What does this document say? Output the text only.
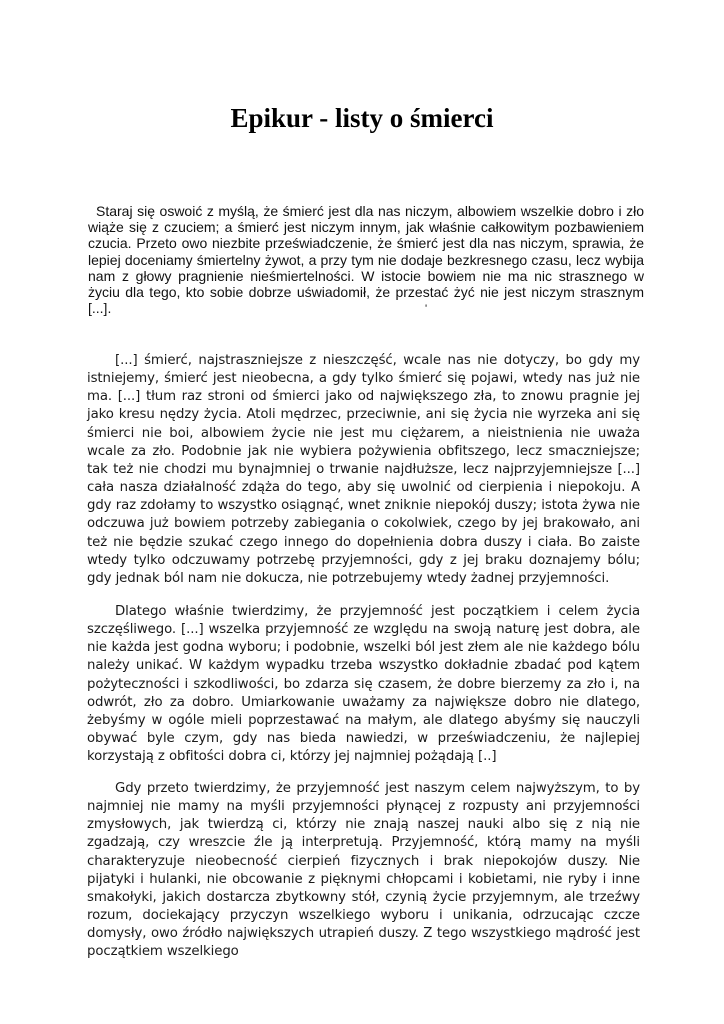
Epikur - listy o śmierci

Staraj się oswoić z myślą, że śmierć jest dla nas niczym, albowiem wszelkie dobro i zło wiąże się z czuciem; a śmierć jest niczym innym, jak właśnie całkowitym pozbawieniem czucia. Przeto owo niezbite przeświadczenie, że śmierć jest dla nas niczym, sprawia, że lepiej doceniamy śmiertelny żywot, a przy tym nie dodaje bezkresnego czasu, lecz wybija nam z głowy pragnienie nieśmiertelności. W istocie bowiem nie ma nic strasznego w życiu dla tego, kto sobie dobrze uświadomił, że przestać żyć nie jest niczym strasznym [...].	'

[...] śmierć, najstraszniejsze z nieszczęść, wcale nas nie dotyczy, bo gdy my istniejemy, śmierć jest nieobecna, a gdy tylko śmierć się pojawi, wtedy nas już nie ma. [...] tłum raz stroni od śmierci jako od największego zła, to znowu pragnie jej jako kresu nędzy życia. Atoli mędrzec, przeciwnie, ani się życia nie wyrzeka ani się śmierci nie boi, albowiem życie nie jest mu ciężarem, a nieistnienia nie uważa wcale za zło. Podobnie jak nie wybiera pożywienia obfitszego, lecz smaczniejsze; tak też nie chodzi mu bynajmniej o trwanie najdłuższe, lecz najprzyjemniejsze [...] cała nasza działalność zdąża do tego, aby się uwolnić od cierpienia i niepokoju. A gdy raz zdołamy to wszystko osiągnąć, wnet zniknie niepokój duszy; istota żywa nie odczuwa już bowiem potrzeby zabiegania o cokolwiek, czego by jej brakowało, ani też nie będzie szukać czego innego do dopełnienia dobra duszy i ciała. Bo zaiste wtedy tylko odczuwamy potrzebę przyjemności, gdy z jej braku doznajemy bólu; gdy jednak ból nam nie dokucza, nie potrzebujemy wtedy żadnej przyjemności.

Dlatego właśnie twierdzimy, że przyjemność jest początkiem i celem życia szczęśliwego. [...] wszelka przyjemność ze względu na swoją naturę jest dobra, ale nie każda jest godna wyboru; i podobnie, wszelki ból jest złem ale nie każdego bólu należy unikać. W każdym wypadku trzeba wszystko dokładnie zbadać pod kątem pożyteczności i szkodliwości, bo zdarza się czasem, że dobre bierzemy za zło i, na odwrót, zło za dobro. Umiarkowanie uważamy za największe dobro nie dlatego, żebyśmy w ogóle mieli poprzestawać na małym, ale dlatego abyśmy się nauczyli obywać byle czym, gdy nas bieda nawiedzi, w przeświadczeniu, że najlepiej korzystają z obfitości dobra ci, którzy jej najmniej pożądają [..]

Gdy przeto twierdzimy, że przyjemność jest naszym celem najwyższym, to by najmniej nie mamy na myśli przyjemności płynącej z rozpusty ani przyjemności zmysłowych, jak twierdzą ci, którzy nie znają naszej nauki albo się z nią nie zgadzają, czy wreszcie źle ją interpretują. Przyjemność, którą mamy na myśli charakteryzuje nieobecność cierpień fizycznych i brak niepokojów duszy. Nie pijatyki i hulanki, nie obcowanie z pięknymi chłopcami i kobietami, nie ryby i inne smakołyki, jakich dostarcza zbytkowny stół, czynią życie przyjemnym, ale trzeźwy rozum, dociekający przyczyn wszelkiego wyboru i unikania, odrzucając czcze domysły, owo źródło największych utrapień duszy. Z tego wszystkiego mądrość jest początkiem wszelkiego
